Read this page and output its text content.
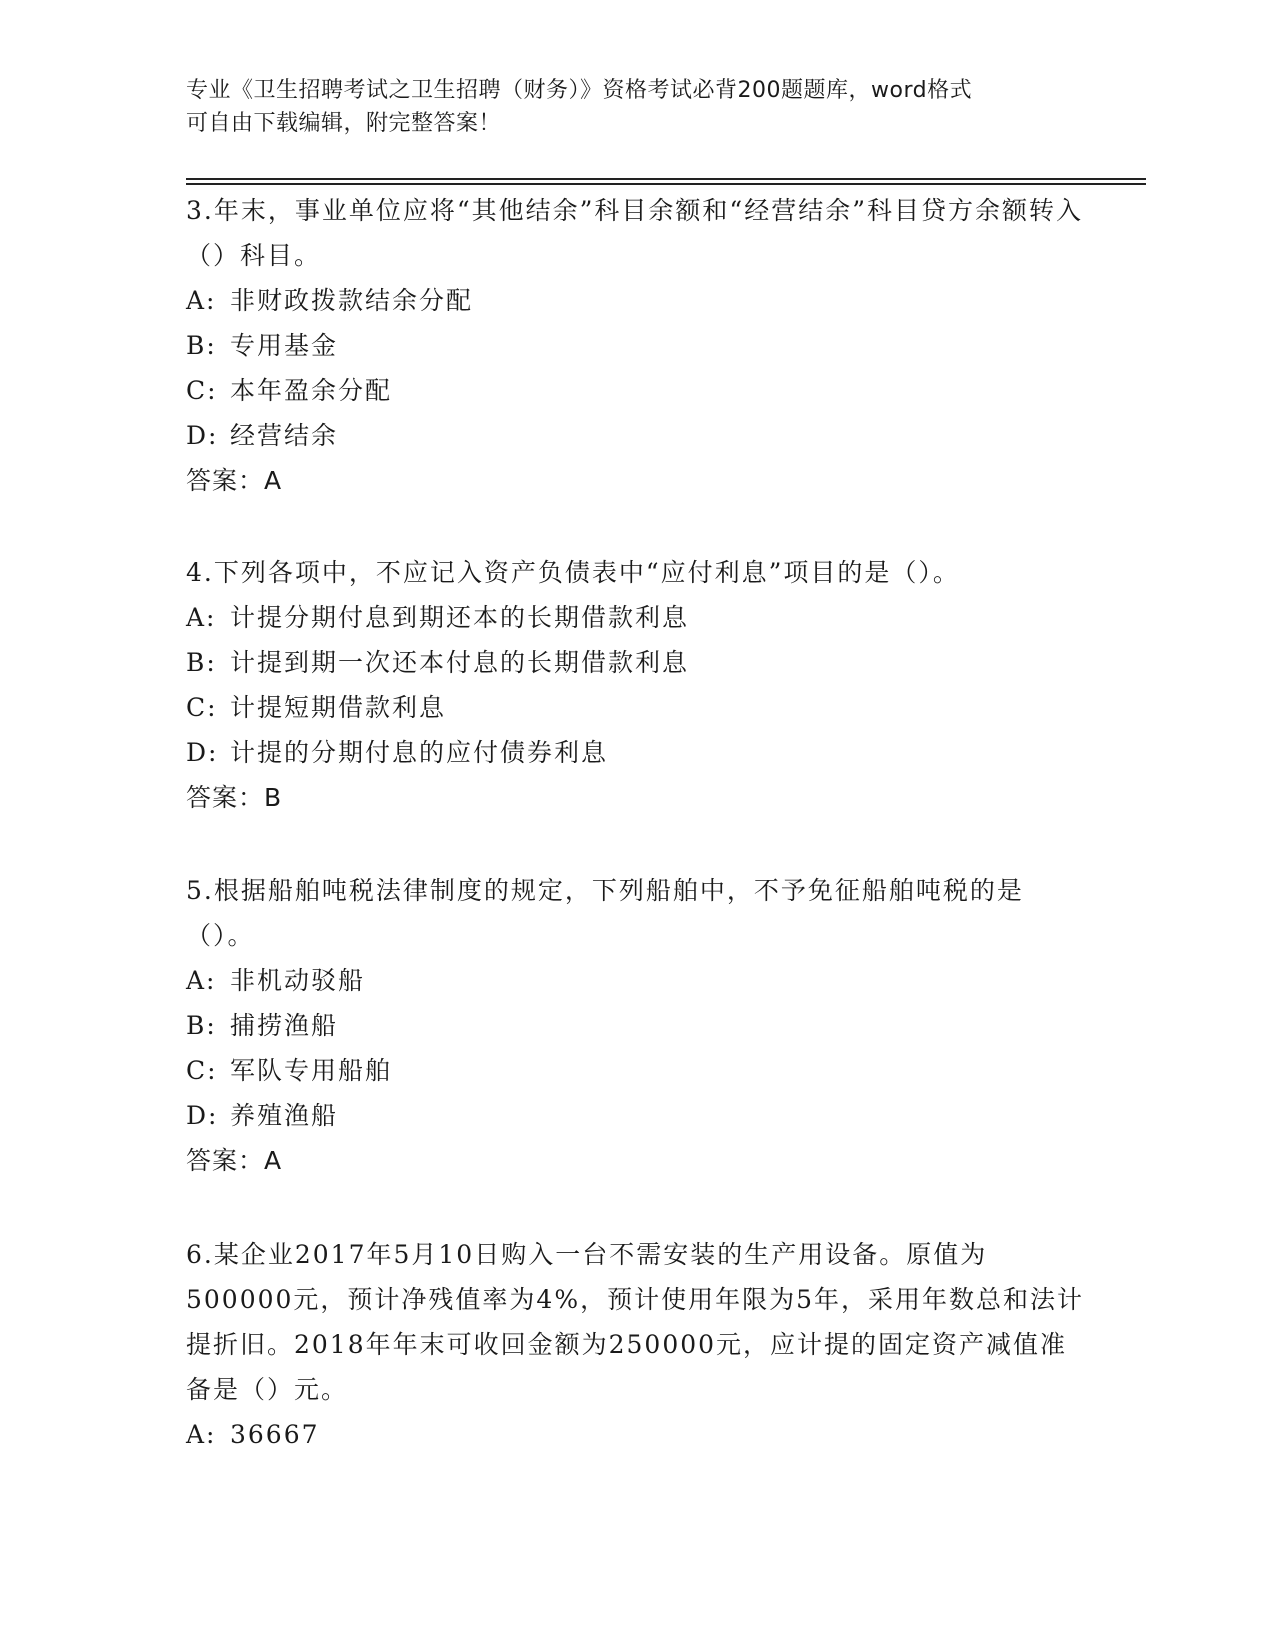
专业《卫生招聘考试之卫生招聘（财务）》资格考试必背200题题库，word格式
可自由下载编辑，附完整答案！
3.年末，事业单位应将“其他结余”科目余额和“经营结余”科目贷方余额转入（）科目。
A: 非财政拨款结余分配
B: 专用基金
C: 本年盈余分配
D: 经营结余
答案：A
4.下列各项中，不应记入资产负债表中“应付利息”项目的是（）。
A: 计提分期付息到期还本的长期借款利息
B: 计提到期一次还本付息的长期借款利息
C: 计提短期借款利息
D: 计提的分期付息的应付债券利息
答案：B
5.根据船舶吨税法律制度的规定，下列船舶中，不予免征船舶吨税的是（）。
A: 非机动驳船
B: 捕捞渔船
C: 军队专用船舶
D: 养殖渔船
答案：A
6.某企业2017年5月10日购入一台不需安装的生产用设备。原值为500000元，预计净残值率为4%，预计使用年限为5年，采用年数总和法计提折旧。2018年年末可收回金额为250000元，应计提的固定资产减值准备是（）元。
A: 36667
